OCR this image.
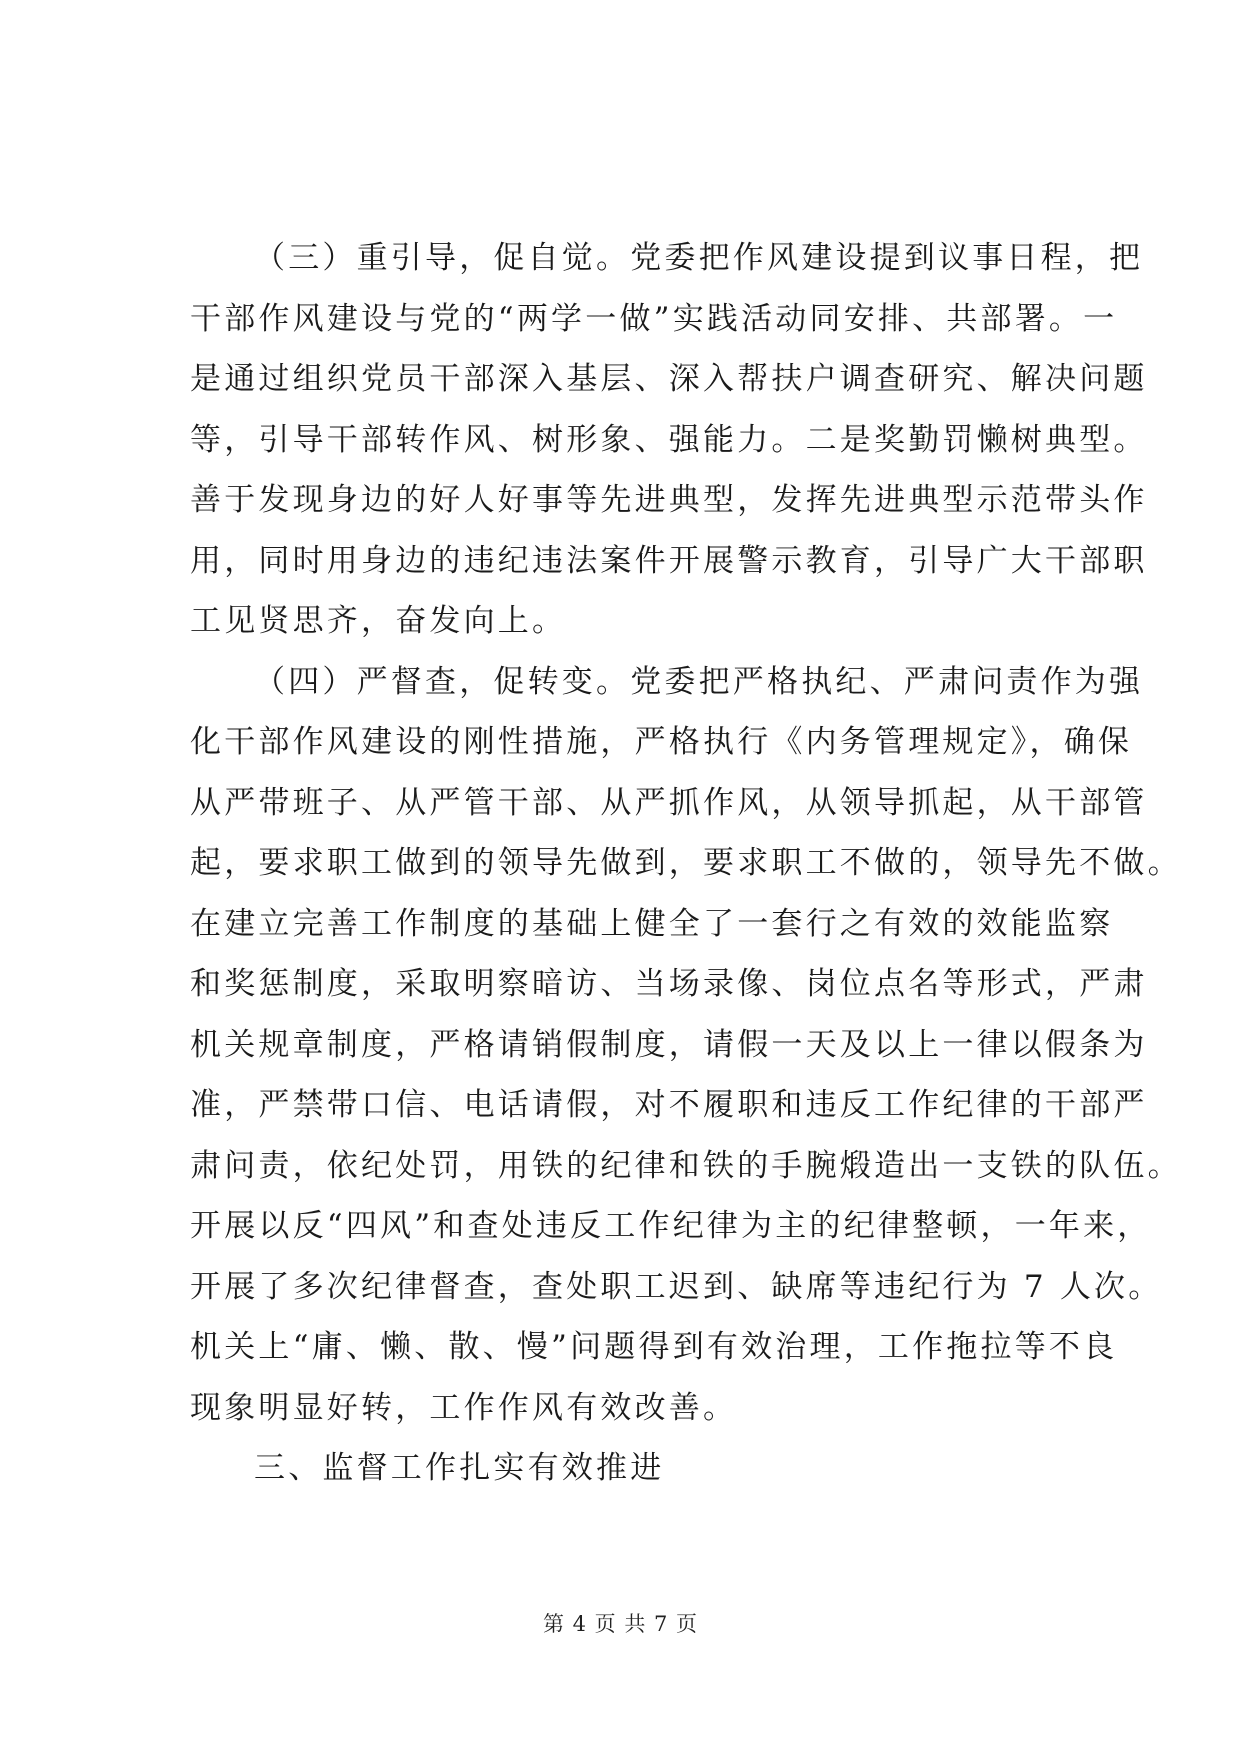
（三）重引导，促自觉。党委把作风建设提到议事日程，把
干部作风建设与党的“两学一做”实践活动同安排、共部署。一
是通过组织党员干部深入基层、深入帮扶户调查研究、解决问题
等，引导干部转作风、树形象、强能力。二是奖勤罚懒树典型。
善于发现身边的好人好事等先进典型，发挥先进典型示范带头作
用，同时用身边的违纪违法案件开展警示教育，引导广大干部职
工见贤思齐，奋发向上。
（四）严督查，促转变。党委把严格执纪、严肃问责作为强
化干部作风建设的刚性措施，严格执行《内务管理规定》，确保
从严带班子、从严管干部、从严抓作风，从领导抓起，从干部管
起，要求职工做到的领导先做到，要求职工不做的，领导先不做。
在建立完善工作制度的基础上健全了一套行之有效的效能监察
和奖惩制度，采取明察暗访、当场录像、岗位点名等形式，严肃
机关规章制度，严格请销假制度，请假一天及以上一律以假条为
准，严禁带口信、电话请假，对不履职和违反工作纪律的干部严
肃问责，依纪处罚，用铁的纪律和铁的手腕煅造出一支铁的队伍。
开展以反“四风”和查处违反工作纪律为主的纪律整顿，一年来，
开展了多次纪律督查，查处职工迟到、缺席等违纪行为 7 人次。
机关上“庸、懒、散、慢”问题得到有效治理，工作拖拉等不良
现象明显好转，工作作风有效改善。
三、监督工作扎实有效推进
第 4 页 共 7 页
